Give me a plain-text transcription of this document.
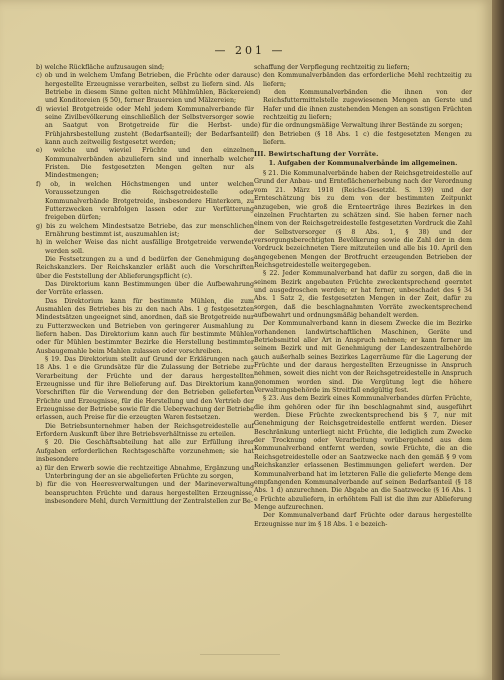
— 201 —

b) welche Rückfläche aufzusaugen sind;

c) ob und in welchem Umfang Betrieben, die Früchte oder daraus hergestellte Erzeugnisse verarbeiten, selbst zu liefern sind. Als Betriebe in diesem Sinne gelten nicht Mühlmühlen, Bäckereien und Konditoreien (§ 50), ferner Brauereien und Mälzereien;

d) wieviel Brotgetreide oder Mehl jedem Kommunalverbande für seine Zivilbevölkerung einschließlich der Selbstversorger sowie an Saatgut von Brotgetreide für die Herbst- und Frühjahrsbestellung zusteht (Bedarfsanteil); der Bedarfsanteil kann auch zeitweilig festgesetzt werden;

e) welche und wieviel Früchte und den einzelnen Kommunalverbänden abzuliefern sind und innerhalb welcher Fristen. Die festgesetzten Mengen gelten nur als Mindestmengen;

f) ob, in welchen Höchstmengen und unter welchen Voraussetzungen die Reichsgetreidestelle oder Kommunalverbände Brotgetreide, insbesondere Hinterkorn, zu Futterzwecken verabfolgen lassen oder zur Verfütterung freigeben dürfen;

g) bis zu welchem Mindestsatze Betriebe, das zur menschlichen Ernährung bestimmt ist, auszumahlen ist;

h) in welcher Weise das nicht ausfällige Brotgetreide verwendet werden soll.

Die Festsetzungen zu a und d bedürfen der Genehmigung des Reichskanzlers. Der Reichskanzler erläßt auch die Vorschriften über die Feststellung der Ablieferungspflicht (c).

Das Direktorium kann Bestimmungen über die Aufbewahrung der Vorräte erlassen.

Das Direktorium kann für bestimmte Mühlen, die zum Ausmahlen des Betriebes bis zu den nach Abs. 1 g festgesetzten Mindestsätzen ungeeignet sind, anordnen, daß sie Brotgetreide nur zu Futterzwecken und Betrieben von geringerer Ausmahlung zu liefern haben. Das Direktorium kann auch für bestimmte Mühlen oder für Mühlen bestimmter Bezirke die Herstellung bestimmter Ausbaugemahle beim Mahlen zulassen oder vorschreiben.

§ 19. Das Direktorium stellt auf Grund der Erklärungen nach § 18 Abs. 1 e die Grundsätze für die Zulassung der Betriebe zur Verarbeitung der Früchte und der daraus hergestellten Erzeugnisse und für ihre Belieferung auf. Das Direktorium kann Vorschriften für die Verwendung der den Betrieben gelieferten Früchte und Erzeugnisse, für die Herstellung und den Vertrieb der Erzeugnisse der Betriebe sowie für die Ueberwachung der Betriebe erlassen, auch Preise für die erzeugten Waren festsetzen.

Die Betriebsunternehmer haben der Reichsgetreidestelle auf Erfordern Auskunft über ihre Betriebsverhältnisse zu erteilen.

§ 20. Die Geschäftsabteilung hat alle zur Erfüllung ihrer Aufgaben erforderlichen Rechtsgeschäfte vorzunehmen; sie hat insbesondere

a) für den Erwerb sowie die rechtzeitige Abnahme, Ergänzung und Unterbringung der an sie abgelieferten Früchte zu sorgen,

b) für die von Heeresverwaltungen und der Marineverwaltung beanspruchten Früchte und daraus hergestellten Erzeugnisse, insbesondere Mehl, durch Vermittlung der Zentralstellen zur Be-

schaffung der Verpflegung rechtzeitig zu liefern;

c) den Kommunalverbänden das erforderliche Mehl rechtzeitig zu liefern;

d) den Kommunalverbänden die ihnen von der Reichsfuttermittelstelle zugewiesenen Mengen an Gerste und Hafer und die ihnen zustehenden Mengen an sonstigen Früchten rechtzeitig zu liefern;

e) für die ordnungsmäßige Verwaltung ihrer Bestände zu sorgen;

f) den Betrieben (§ 18 Abs. 1 c) die festgesetzten Mengen zu liefern.

III. Bewirtschaftung der Vorräte.

1. Aufgaben der Kommunalverbände im allgemeinen.

§ 21. Die Kommunalverbände haben der Reichsgetreidestelle auf Grund der Anbau- und Ernteflächenerhebung nach der Verordnung vom 21. März 1918 (Reichs-Gesetzbl. S. 139) und der Ernteschätzung bis zu dem von der bestimmten Zeitpunkt anzugeben, wie groß die Ernteerträge ihres Bezirkes in den einzelnen Fruchtarten zu schätzen sind. Sie haben ferner nach einem von der Reichsgetreidestelle festgesetzten Vordruck die Zahl der Selbstversorger (§ 8 Abs. 1, § 38) und der versorgungsberechtigten Bevölkerung sowie die Zahl der in dem Vordruck bezeichneten Tiere mitzuteilen und alle bis 10. April den angegebenen Mengen der Brotfrucht erzeugenden Betrieben der Reichsgetreidestelle weitergegeben.

§ 22. Jeder Kommunalverband hat dafür zu sorgen, daß die in seinem Bezirk angebauten Früchte zweckentsprechend geerntet und ausgedroschen werden; er hat ferner, unbeschadet des § 34 Abs. 1 Satz 2, die festgesetzten Mengen in der Zeit, dafür zu sorgen, daß die beschlagnahmten Vorräte zweckentsprechend aufbewahrt und ordnungsmäßig behandelt werden.

Der Kommunalverband kann in diesem Zwecke die im Bezirke vorhandenen landwirtschaftlichen Maschinen, Geräte und Betriebsmittel aller Art in Anspruch nehmen; er kann ferner im seinem Bezirk und mit Genehmigung der Landeszentralbehörde auch außerhalb seines Bezirkes Lagerräume für die Lagerung der Früchte und der daraus hergestellten Erzeugnisse in Anspruch nehmen, soweit dies nicht von der Reichsgetreidestelle in Anspruch genommen worden sind. Die Vergütung legt die höhere Verwaltungsbehörde im Streitfall endgültig fest.

§ 23. Aus dem Bezirk eines Kommunalverbandes dürfen Früchte, die ihm gehören oder für ihn beschlagnahmt sind, ausgeführt werden. Diese Früchte zweckentsprechend bis § 7, nur mit Genehmigung der Reichsgetreidestelle entfernt werden. Dieser Beschränkung unterliegt nicht Früchte, die lediglich zum Zwecke der Trocknung oder Verarbeitung vorübergehend aus dem Kommunalverband entfernt werden, sowie Früchte, die an die Reichsgetreidestelle oder an Saatzwecke nach den gemäß § 9 vom Reichskanzler erlassenen Bestimmungen geliefert werden. Der Kommunalverband hat im letzteren Falle die gelieferte Menge dem empfangenden Kommunalverbande auf seinen Bedarfsanteil (§ 18 Abs. 1 d) anzurechnen. Die Abgabe an die Saatzwecke (§ 16 Abs. 1 e Früchte abzuliefern, in erhöhtem Fall ist die ihm zur Ablieferung Menge aufzurechnen.

Der Kommunalverband darf Früchte oder daraus hergestellte Erzeugnisse nur im § 18 Abs. 1 e bezeich-
